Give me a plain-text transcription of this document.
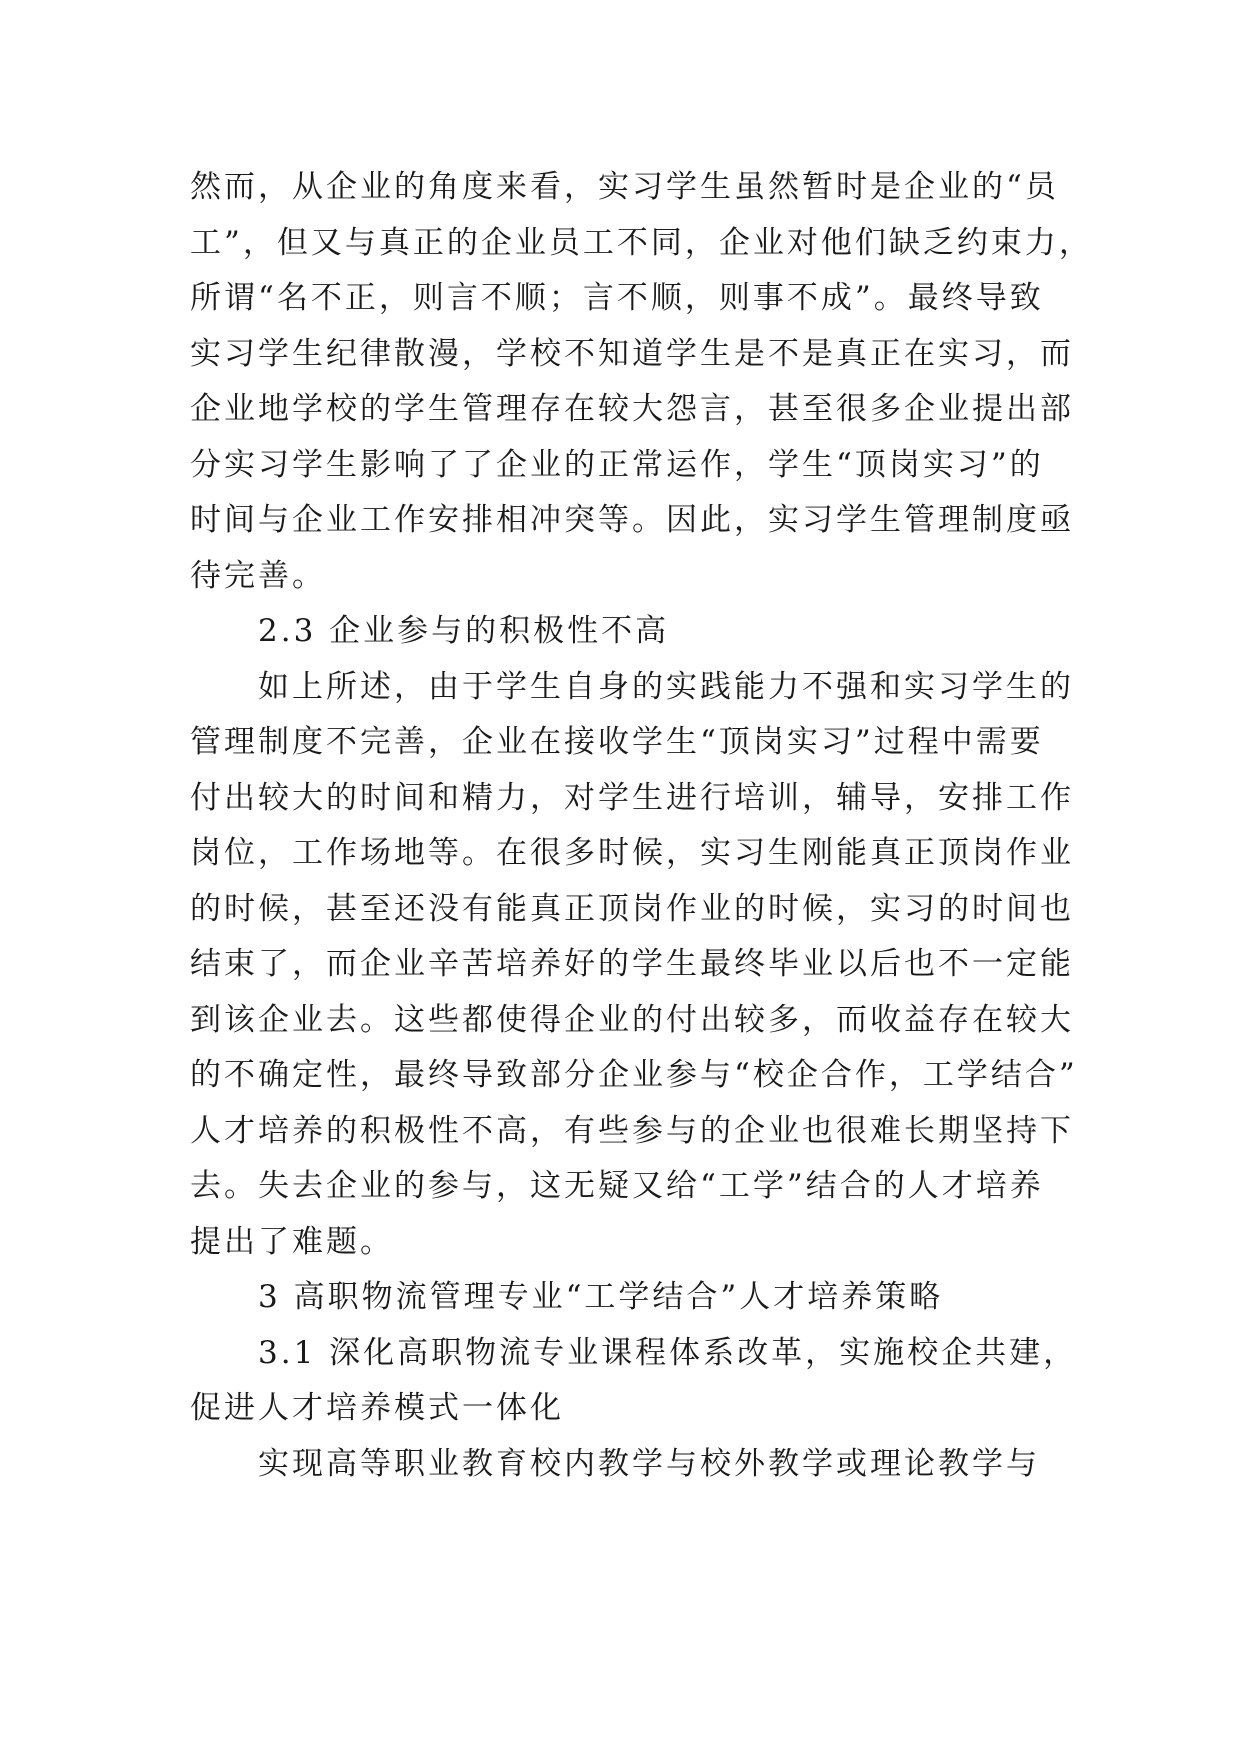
然而，从企业的角度来看，实习学生虽然暂时是企业的“员
工”，但又与真正的企业员工不同，企业对他们缺乏约束力，
所谓“名不正，则言不顺；言不顺，则事不成”。最终导致
实习学生纪律散漫，学校不知道学生是不是真正在实习，而
企业地学校的学生管理存在较大怨言，甚至很多企业提出部
分实习学生影响了了企业的正常运作，学生“顶岗实习”的
时间与企业工作安排相冲突等。因此，实习学生管理制度亟
待完善。
2.3 企业参与的积极性不高
如上所述，由于学生自身的实践能力不强和实习学生的
管理制度不完善，企业在接收学生“顶岗实习”过程中需要
付出较大的时间和精力，对学生进行培训，辅导，安排工作
岗位，工作场地等。在很多时候，实习生刚能真正顶岗作业
的时候，甚至还没有能真正顶岗作业的时候，实习的时间也
结束了，而企业辛苦培养好的学生最终毕业以后也不一定能
到该企业去。这些都使得企业的付出较多，而收益存在较大
的不确定性，最终导致部分企业参与“校企合作，工学结合”
人才培养的积极性不高，有些参与的企业也很难长期坚持下
去。失去企业的参与，这无疑又给“工学”结合的人才培养
提出了难题。
3 高职物流管理专业“工学结合”人才培养策略
3.1 深化高职物流专业课程体系改革，实施校企共建，
促进人才培养模式一体化
实现高等职业教育校内教学与校外教学或理论教学与
